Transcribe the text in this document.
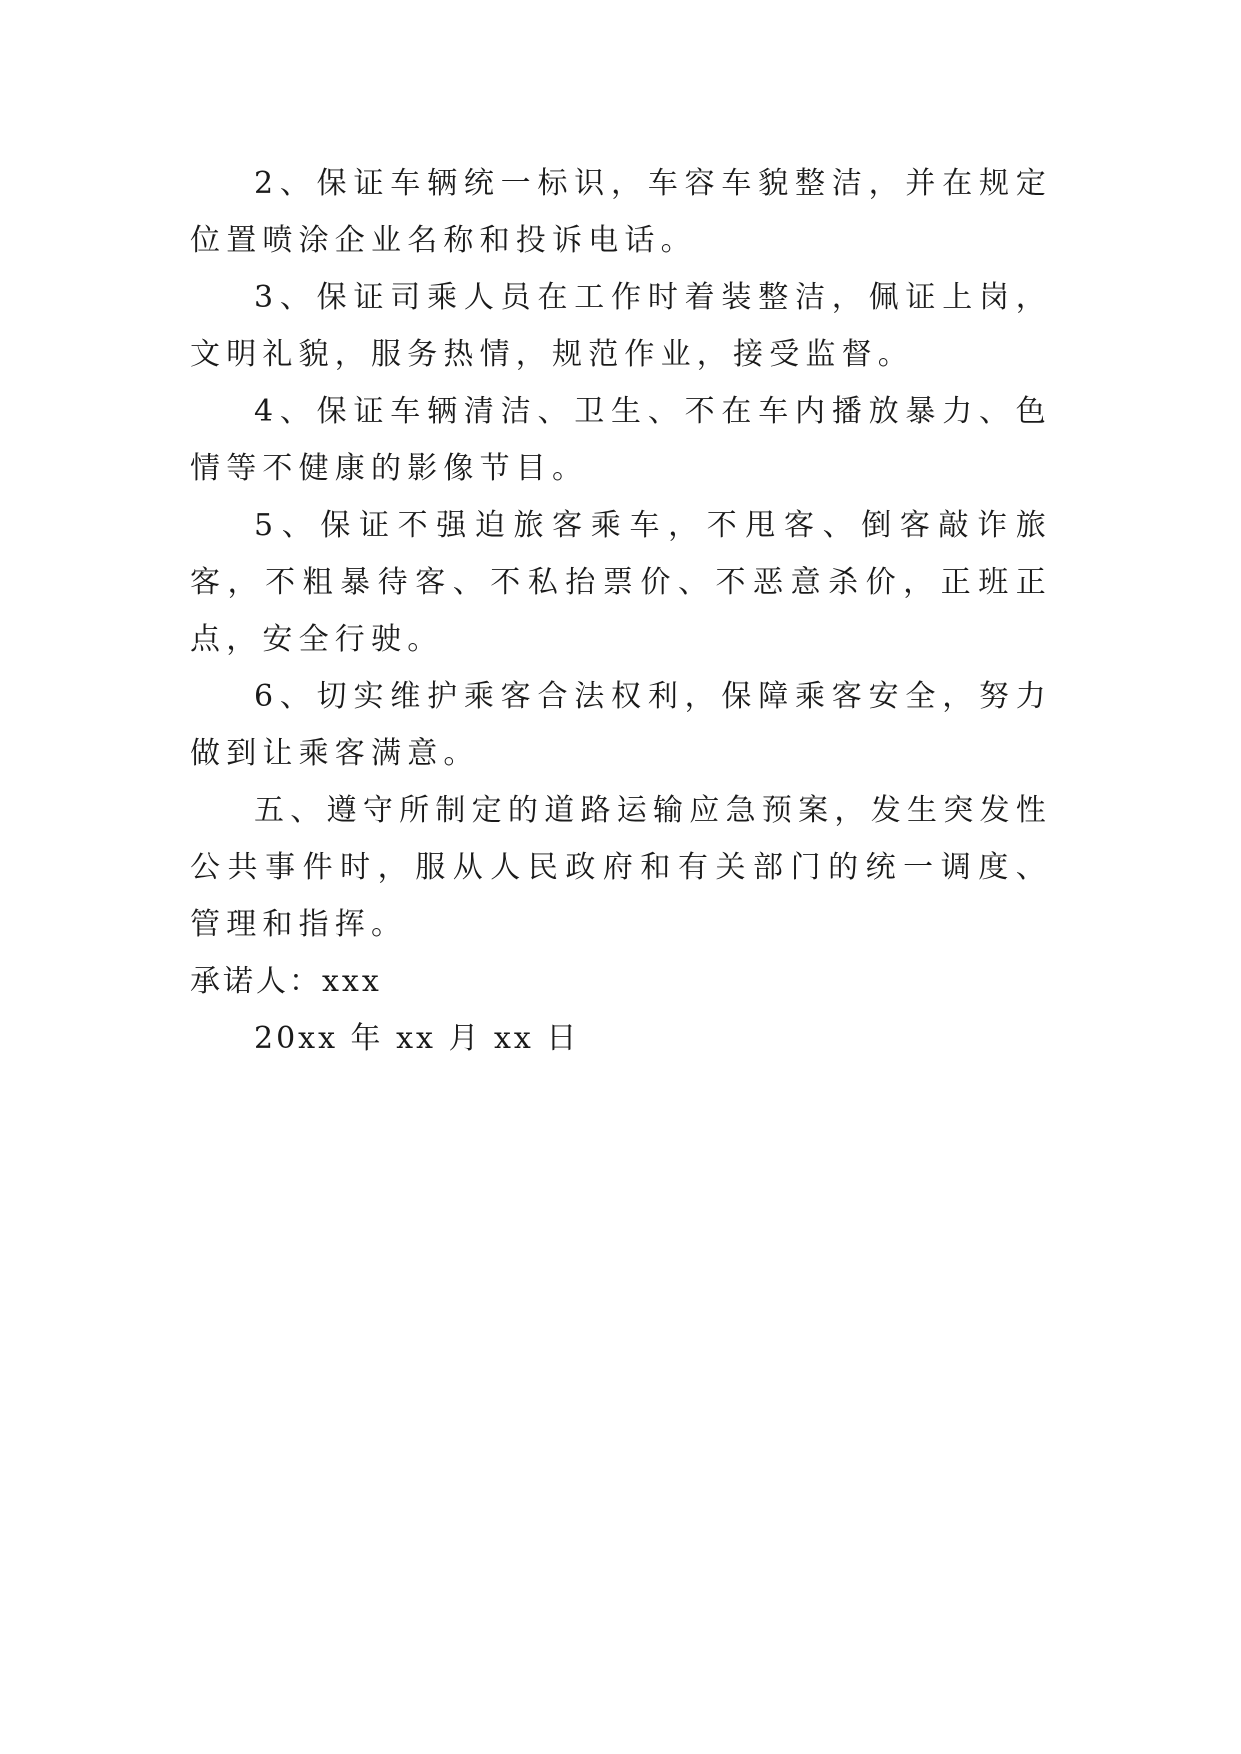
2、保证车辆统一标识，车容车貌整洁，并在规定位置喷涂企业名称和投诉电话。

3、保证司乘人员在工作时着装整洁，佩证上岗，文明礼貌，服务热情，规范作业，接受监督。

4、保证车辆清洁、卫生、不在车内播放暴力、色情等不健康的影像节目。

5、保证不强迫旅客乘车，不甩客、倒客敲诈旅客，不粗暴待客、不私抬票价、不恶意杀价，正班正点，安全行驶。

6、切实维护乘客合法权利，保障乘客安全，努力做到让乘客满意。

五、遵守所制定的道路运输应急预案，发生突发性公共事件时，服从人民政府和有关部门的统一调度、管理和指挥。

承诺人：xxx

20xx 年 xx 月 xx 日
